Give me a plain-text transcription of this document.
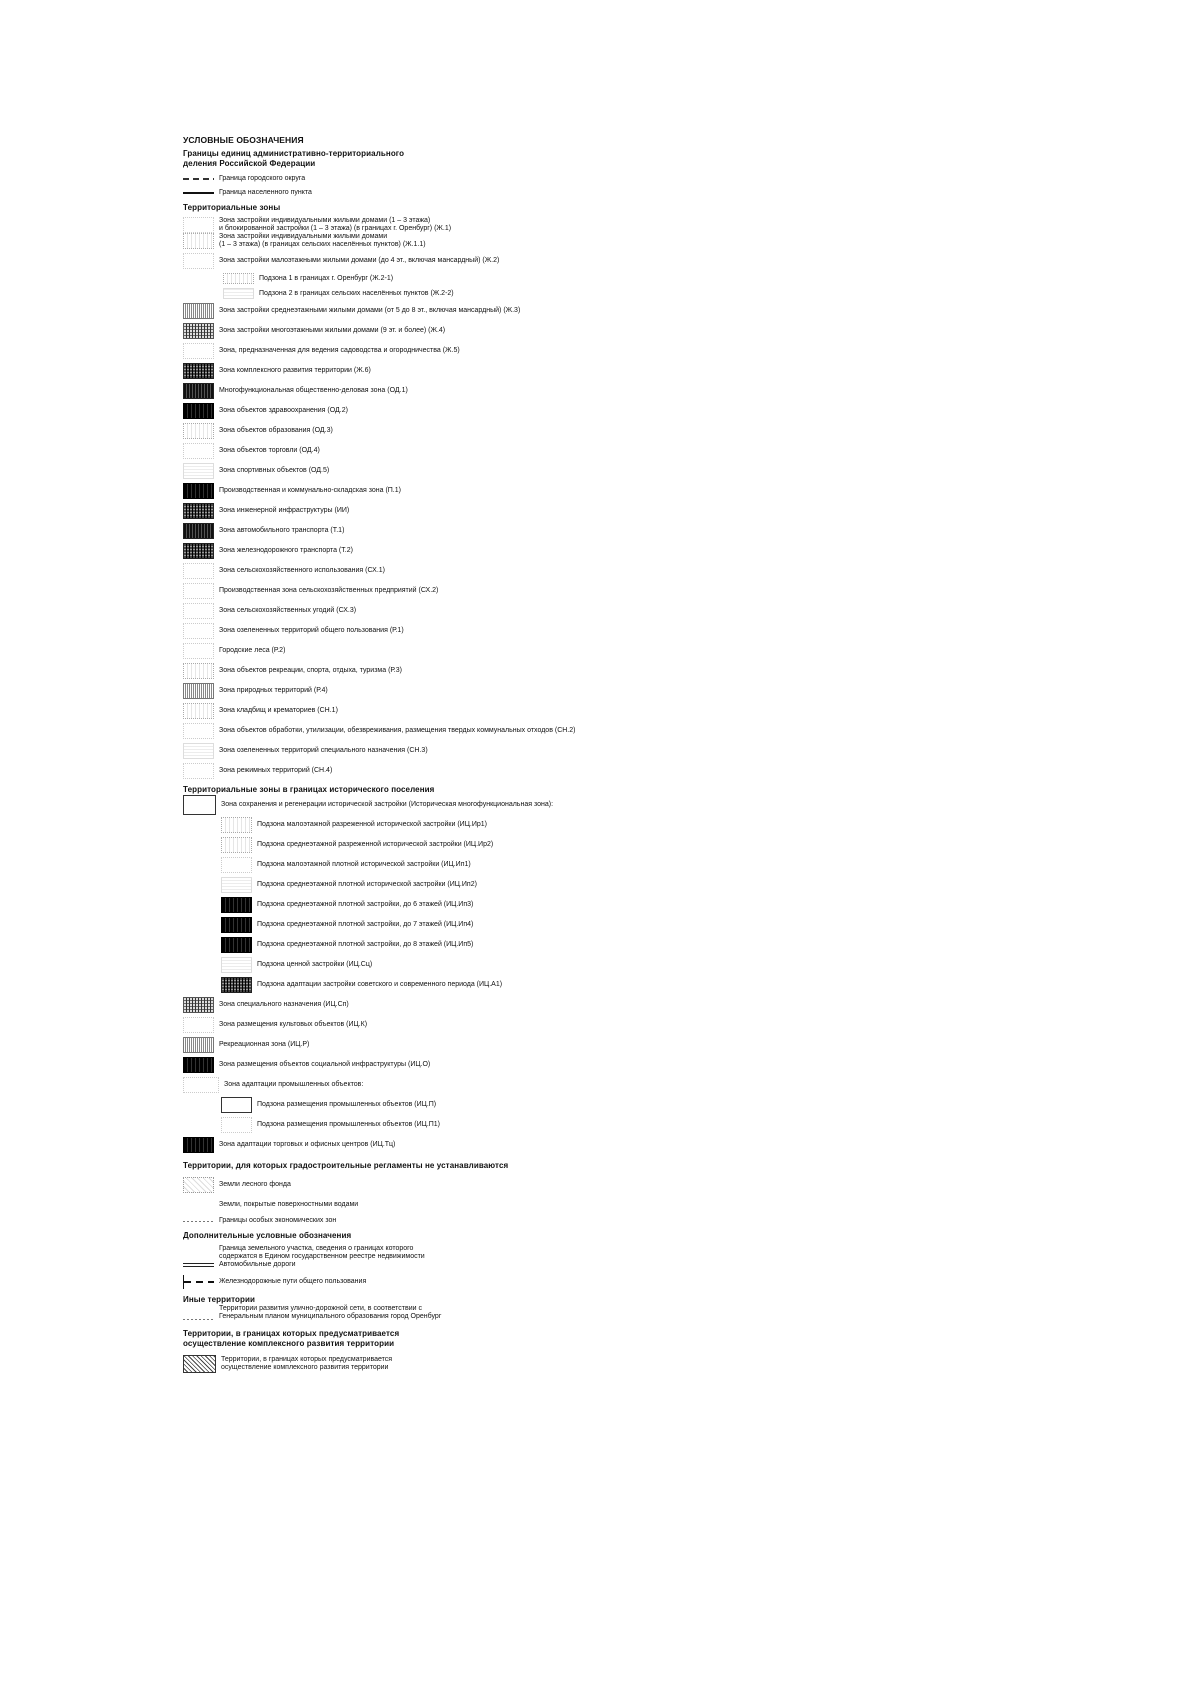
УСЛОВНЫЕ ОБОЗНАЧЕНИЯ
Границы единиц административно-территориального
деления Российской Федерации
Граница городского округа
Граница населенного пункта
Территориальные зоны
Зона застройки индивидуальными жилыми домами (1 – 3 этажа)
и блокированной застройки (1 – 3 этажа) (в границах г. Оренбург) (Ж.1)
Зона застройки индивидуальными жилыми домами
(1 – 3 этажа) (в границах сельских населённых пунктов) (Ж.1.1)
Зона застройки малоэтажными жилыми домами (до 4 эт., включая мансардный) (Ж.2)
Подзона 1 в границах г. Оренбург (Ж.2-1)
Подзона 2 в границах сельских населённых пунктов (Ж.2-2)
Зона застройки среднеэтажными жилыми домами (от 5 до 8 эт., включая мансардный) (Ж.3)
Зона застройки многоэтажными жилыми домами (9 эт. и более) (Ж.4)
Зона, предназначенная для ведения садоводства и огородничества (Ж.5)
Зона комплексного развития территории (Ж.6)
Многофункциональная общественно-деловая зона (ОД.1)
Зона объектов здравоохранения (ОД.2)
Зона объектов образования (ОД.3)
Зона объектов торговли (ОД.4)
Зона спортивных объектов (ОД.5)
Производственная и коммунально-складская зона (П.1)
Зона инженерной инфраструктуры (ИИ)
Зона автомобильного транспорта (Т.1)
Зона железнодорожного транспорта (Т.2)
Зона сельскохозяйственного использования (СХ.1)
Производственная зона сельскохозяйственных предприятий (СХ.2)
Зона сельскохозяйственных угодий (СХ.3)
Зона озелененных территорий общего пользования (Р.1)
Городские леса (Р.2)
Зона объектов рекреации, спорта, отдыха, туризма (Р.3)
Зона природных территорий (Р.4)
Зона кладбищ и крематориев (СН.1)
Зона объектов обработки, утилизации, обезвреживания, размещения твердых коммунальных отходов (СН.2)
Зона озелененных территорий специального назначения (СН.3)
Зона режимных территорий (СН.4)
Территориальные зоны в границах исторического поселения
Зона сохранения и регенерации исторической застройки (Историческая многофункциональная зона):
Подзона малоэтажной разреженной исторической застройки (ИЦ.Ир1)
Подзона среднеэтажной разреженной исторической застройки (ИЦ.Ир2)
Подзона малоэтажной плотной исторической застройки (ИЦ.Ип1)
Подзона среднеэтажной плотной исторической застройки (ИЦ.Ип2)
Подзона среднеэтажной плотной застройки, до 6 этажей (ИЦ.Ип3)
Подзона среднеэтажной плотной застройки, до 7 этажей (ИЦ.Ип4)
Подзона среднеэтажной плотной застройки, до 8 этажей (ИЦ.Ип5)
Подзона ценной застройки (ИЦ.Сц)
Подзона адаптации застройки советского и современного периода (ИЦ.А1)
Зона специального назначения (ИЦ.Сп)
Зона размещения культовых объектов (ИЦ.К)
Рекреационная зона (ИЦ.Р)
Зона размещения объектов социальной инфраструктуры (ИЦ.О)
Зона адаптации промышленных объектов:
Подзона размещения промышленных объектов (ИЦ.П)
Подзона размещения промышленных объектов (ИЦ.П1)
Зона адаптации торговых и офисных центров (ИЦ.Тц)
Территории, для которых градостроительные регламенты не устанавливаются
Земли лесного фонда
Земли, покрытые поверхностными водами
Границы особых экономических зон
Дополнительные условные обозначения
Граница земельного участка, сведения о границах которого
содержатся в Едином государственном реестре недвижимости
Автомобильные дороги
Железнодорожные пути общего пользования
Иные территории
Территории развития улично-дорожной сети, в соответствии с
Генеральным планом муниципального образования город Оренбург
Территории, в границах которых предусматривается
осуществление комплексного развития территории
Территории, в границах которых предусматривается
осуществление комплексного развития территории
